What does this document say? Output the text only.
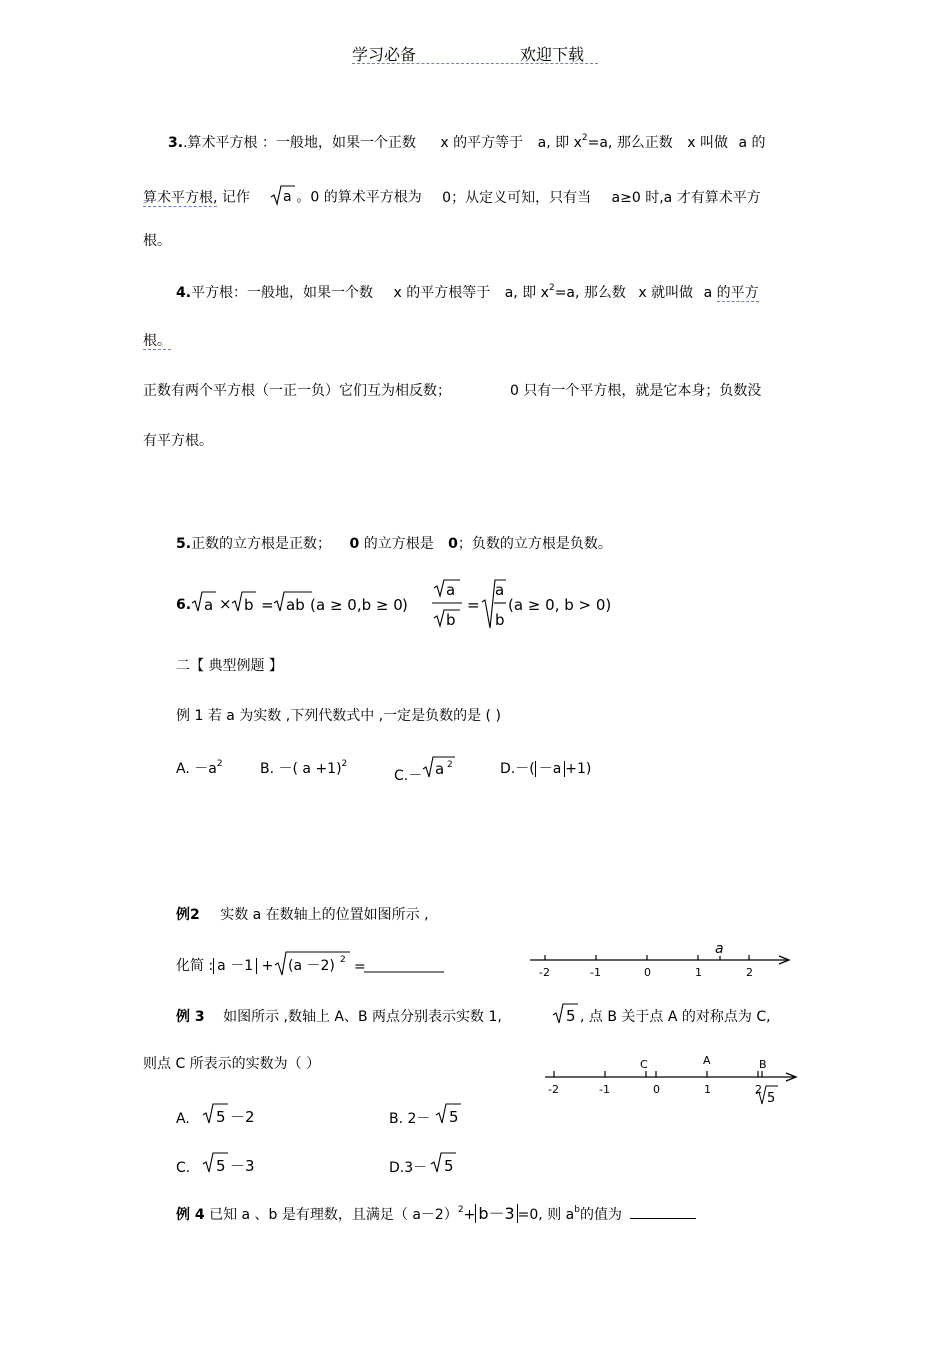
学习必备	欢迎下载
3..算术平方根 ：一般地，如果一个正数 x 的平方等于 a, 即 $x^2=a$, 那么正数 x 叫做 a 的
算术平方根, 记作 a 。0 的算术平方根为 0；从定义可知，只有当 a≥0 时,a 才有算术平方
根。
4.平方根：一般地，如果一个数 x 的平方根等于 a, 即 $x^2=a$, 那么数 x 就叫做 a 的平方
根。
正数有两个平方根（一正一负）它们互为相反数；	0 只有一个平方根，就是它本身；负数没
有平方根。
5.正数的立方根是正数； 0 的立方根是 0；负数的立方根是负数。
6. a × b = ab ( a ≥ 0,b ≥ 0 )
a
b
=
a
b
(a ≥ 0, b > 0)
二【 典型例题 】
例 1 若 a 为实数 ,下列代数式中 ,一定是负数的是 ( )
A. $-a^2$	B. －( a +1)$^2$
C.－ a 2	D.－( －a +1)
例2 实数 a 在数轴上的位置如图所示 ,
化简 : a －1 + (a －2) 2 =	-2	-1	0	1	2
a
例 3 如图所示 ,数轴上 A、B 两点分别表示实数 1,	5 , 点 B 关于点 A 的对称点为 C,
则点 C 所表示的实数为（ ）
-2	-1	0	1	2
C	A	B
5
A. 5 －2	B. 2－ 5
C. 5 －3	D.3－ 5
例 4 已知 a 、b 是有理数，且满足（ a－2）$^2$+ b－3 =0, 则 $a^b$的值为
